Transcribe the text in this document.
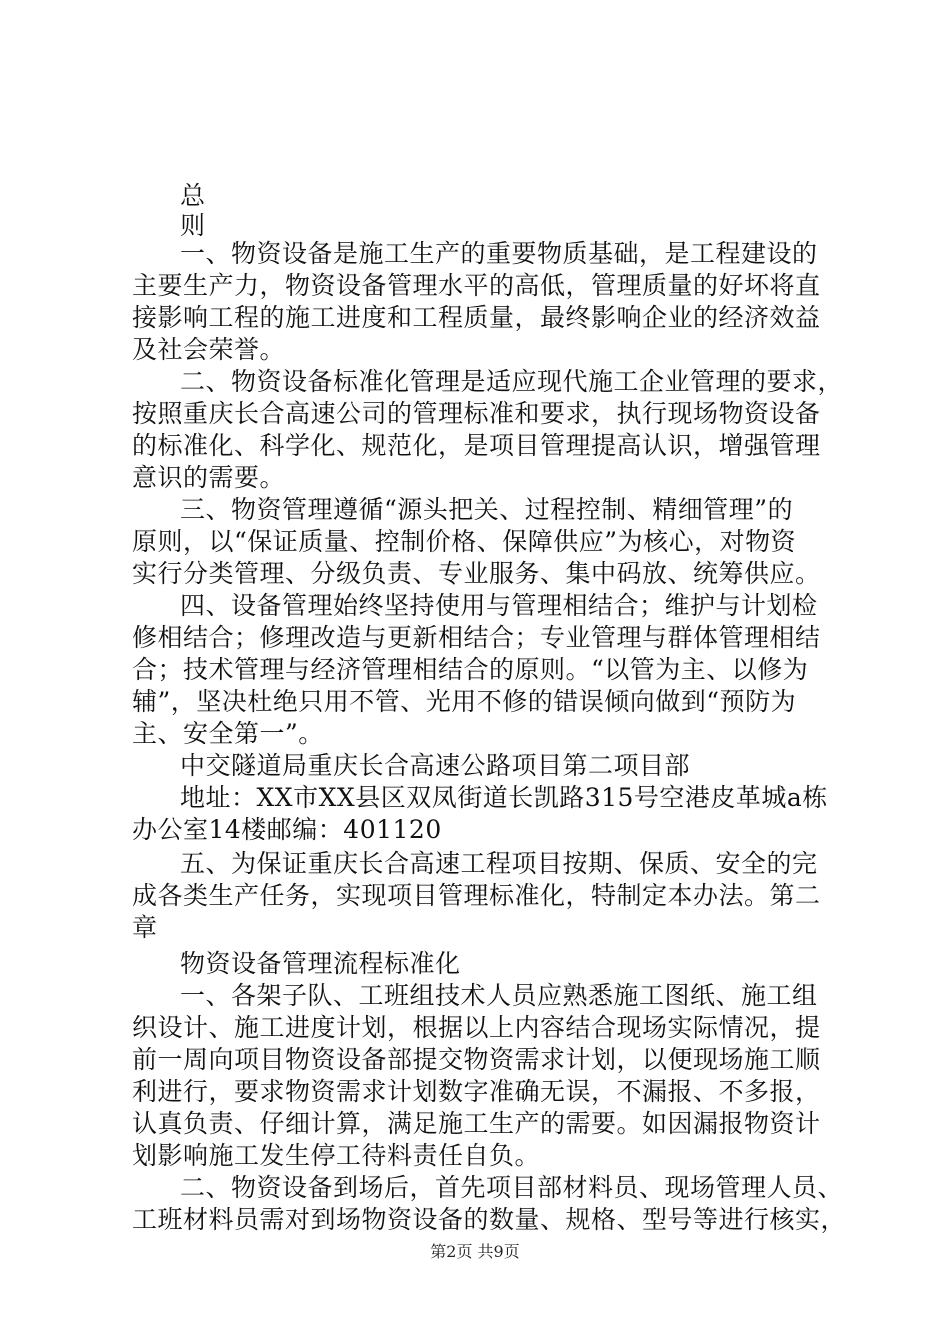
总
则
一、物资设备是施工生产的重要物质基础，是工程建设的
主要生产力，物资设备管理水平的高低，管理质量的好坏将直
接影响工程的施工进度和工程质量，最终影响企业的经济效益
及社会荣誉。
二、物资设备标准化管理是适应现代施工企业管理的要求，
按照重庆长合高速公司的管理标准和要求，执行现场物资设备
的标准化、科学化、规范化，是项目管理提高认识，增强管理
意识的需要。
三、物资管理遵循“源头把关、过程控制、精细管理”的
原则，以“保证质量、控制价格、保障供应”为核心，对物资
实行分类管理、分级负责、专业服务、集中码放、统筹供应。
四、设备管理始终坚持使用与管理相结合；维护与计划检
修相结合；修理改造与更新相结合；专业管理与群体管理相结
合；技术管理与经济管理相结合的原则。“以管为主、以修为
辅”，坚决杜绝只用不管、光用不修的错误倾向做到“预防为
主、安全第一”。
中交隧道局重庆长合高速公路项目第二项目部
地址：XX市XX县区双凤街道长凯路315号空港皮革城a栋
办公室14楼邮编：401120
五、为保证重庆长合高速工程项目按期、保质、安全的完
成各类生产任务，实现项目管理标准化，特制定本办法。第二
章
物资设备管理流程标准化
一、各架子队、工班组技术人员应熟悉施工图纸、施工组
织设计、施工进度计划，根据以上内容结合现场实际情况，提
前一周向项目物资设备部提交物资需求计划，以便现场施工顺
利进行，要求物资需求计划数字准确无误，不漏报、不多报，
认真负责、仔细计算，满足施工生产的需要。如因漏报物资计
划影响施工发生停工待料责任自负。
二、物资设备到场后，首先项目部材料员、现场管理人员、
工班材料员需对到场物资设备的数量、规格、型号等进行核实，
第2页 共9页
